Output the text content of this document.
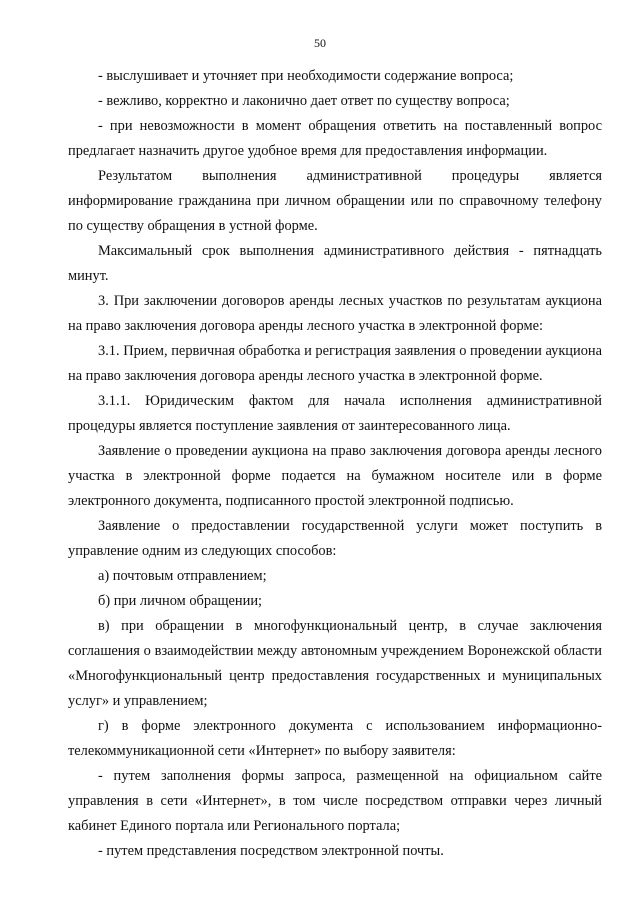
50

- выслушивает и уточняет при необходимости содержание вопроса;

- вежливо, корректно и лаконично дает ответ по существу вопроса;

- при невозможности в момент обращения ответить на поставленный вопрос предлагает назначить другое удобное время для предоставления информации.

Результатом выполнения административной процедуры является информирование гражданина при личном обращении или по справочному телефону по существу обращения в устной форме.

Максимальный срок выполнения административного действия - пятнадцать минут.

3. При заключении договоров аренды лесных участков по результатам аукциона на право заключения договора аренды лесного участка в электронной форме:

3.1. Прием, первичная обработка и регистрация заявления о проведении аукциона на право заключения договора аренды лесного участка в электронной форме.

3.1.1. Юридическим фактом для начала исполнения административной процедуры является поступление заявления от заинтересованного лица.

Заявление о проведении аукциона на право заключения договора аренды лесного участка в электронной форме подается на бумажном носителе или в форме электронного документа, подписанного простой электронной подписью.

Заявление о предоставлении государственной услуги может поступить в управление одним из следующих способов:

а) почтовым отправлением;

б) при личном обращении;

в) при обращении в многофункциональный центр, в случае заключения соглашения о взаимодействии между автономным учреждением Воронежской области «Многофункциональный центр предоставления государственных и муниципальных услуг» и управлением;

г) в форме электронного документа с использованием информационно-телекоммуникационной сети «Интернет» по выбору заявителя:

- путем заполнения формы запроса, размещенной на официальном сайте управления в сети «Интернет», в том числе посредством отправки через личный кабинет Единого портала или Регионального портала;

- путем представления посредством электронной почты.
